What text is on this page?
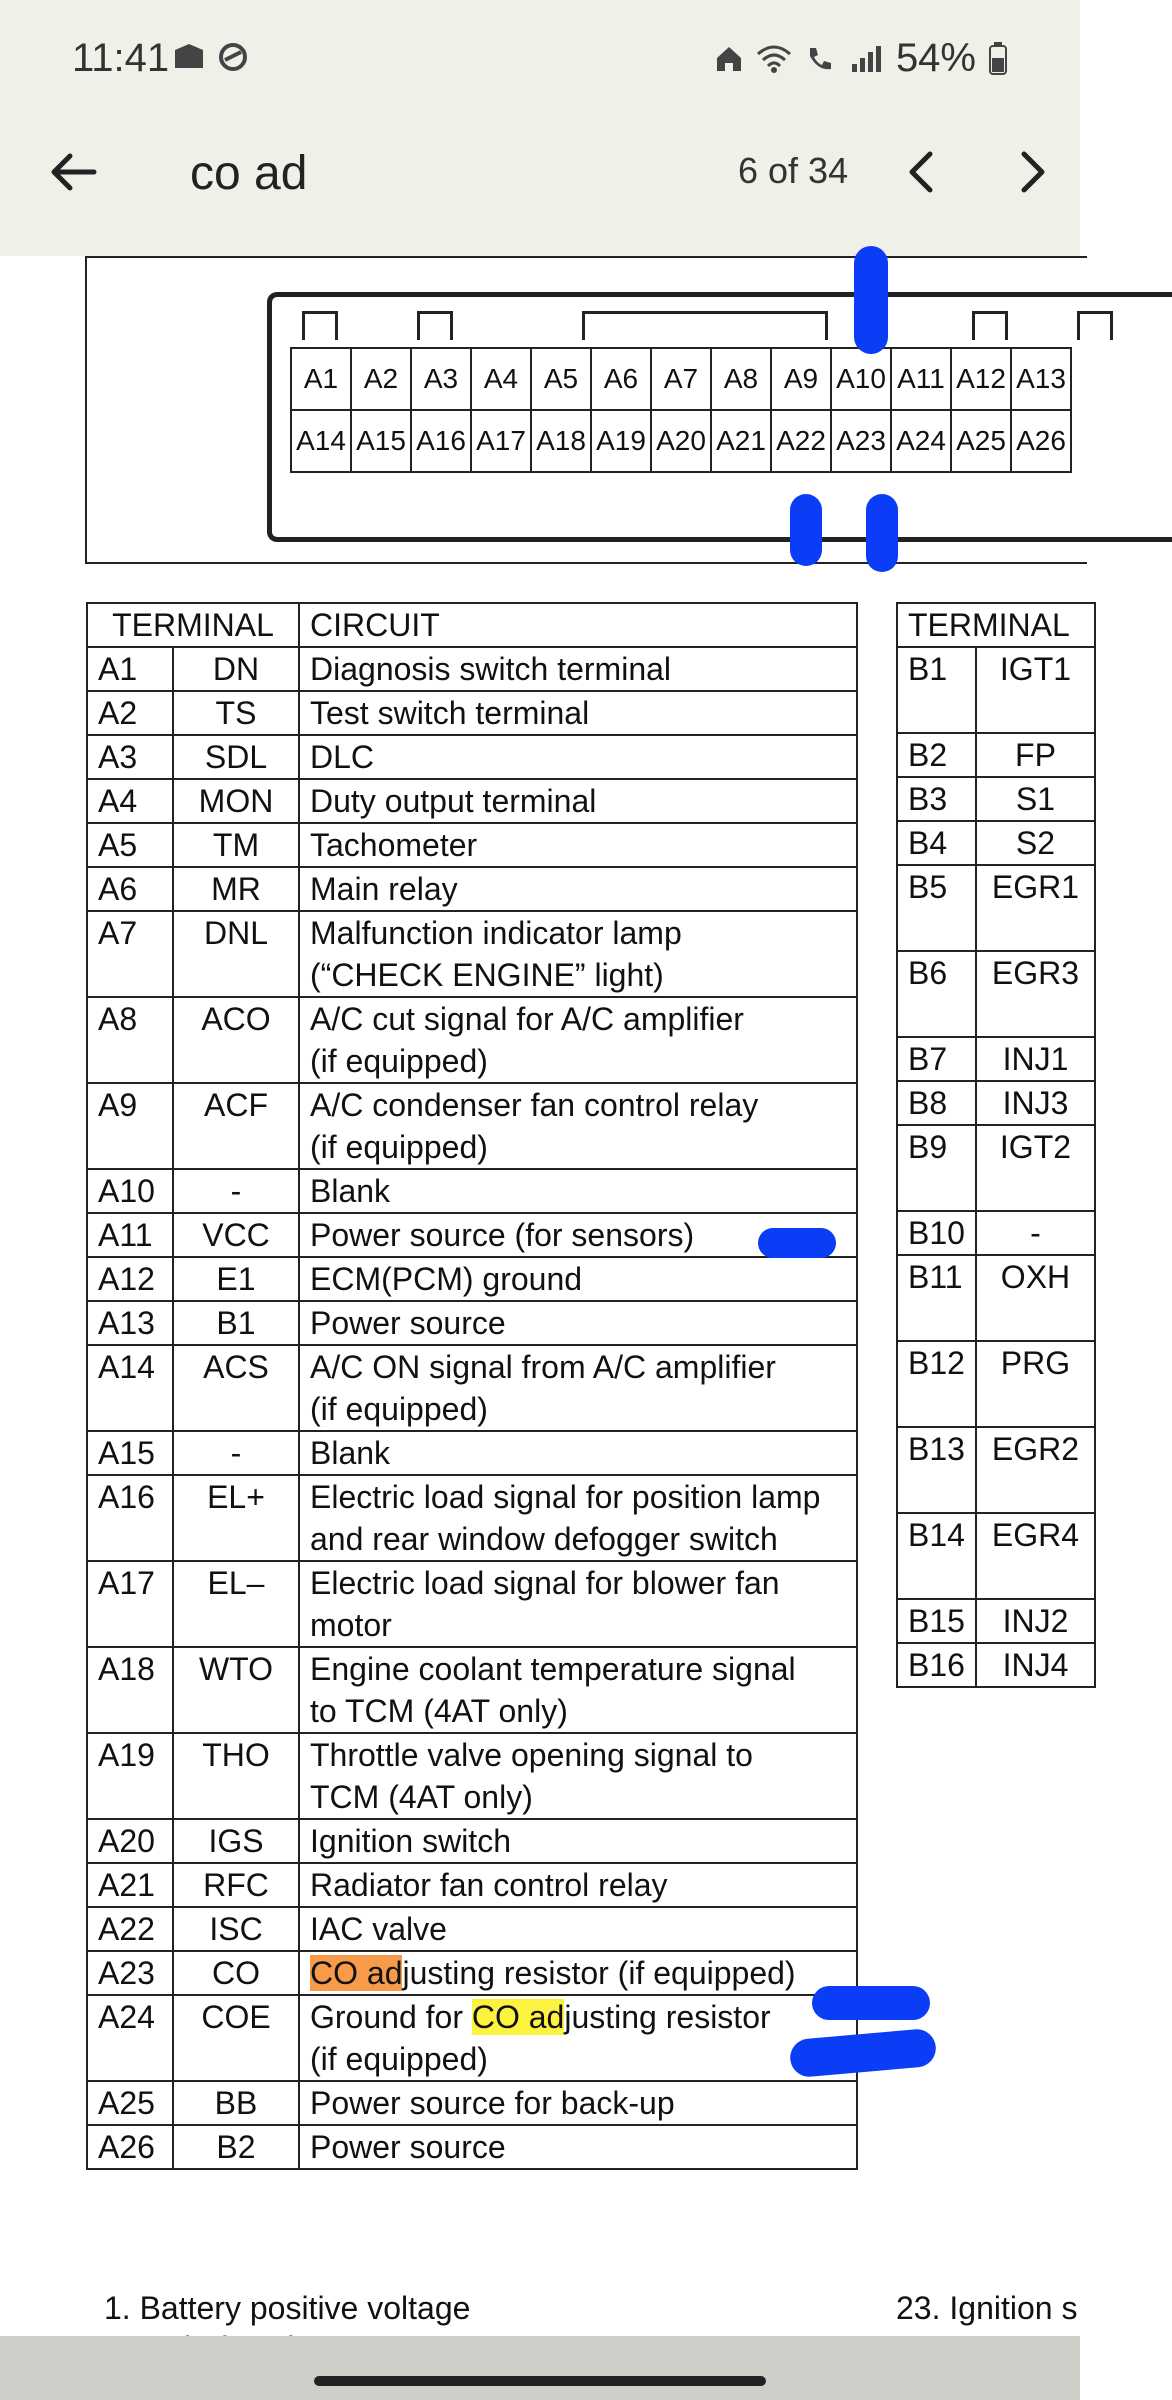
11:41	54%
co ad	6 of 34
A1 A2 A3 A4 A5 A6 A7 A8 A9 A10 A11 A12 A13
A14 A15 A16 A17 A18 A19 A20 A21 A22 A23 A24 A25 A26
TERMINAL		CIRCUIT
A1	DN	Diagnosis switch terminal

A2	TS	Test switch terminal

A3	SDL	DLC

A4	MON	Duty output terminal

A5	TM	Tachometer

A6	MR	Main relay

A7	DNL	Malfunction indicator lamp
(“CHECK ENGINE” light)

A8	ACO	A/C cut signal for A/C amplifier
(if equipped)

A9	ACF	A/C condenser fan control relay
(if equipped)

A10	-	Blank

A11	VCC	Power source (for sensors)

A12	E1	ECM(PCM) ground

A13	B1	Power source

A14	ACS	A/C ON signal from A/C amplifier
(if equipped)

A15	-	Blank

A16	EL+	Electric load signal for position lamp
and rear window defogger switch

A17	EL–	Electric load signal for blower fan
motor

A18	WTO	Engine coolant temperature signal
to TCM (4AT only)

A19	THO	Throttle valve opening signal to
TCM (4AT only)

A20	IGS	Ignition switch

A21	RFC	Radiator fan control relay

A22	ISC	IAC valve

A23	CO	CO adjusting resistor (if equipped)

A24	COE	Ground for CO adjusting resistor
(if equipped)

A25	BB	Power source for back-up

A26	B2	Power source
TERMINAL	
B1	IGT1
B2	FP
B3	S1
B4	S2
B5	EGR1
B6	EGR3
B7	INJ1
B8	INJ3
B9	IGT2
B10	-
B11	OXH
B12	PRG
B13	EGR2
B14	EGR4
B15	INJ2
B16	INJ4
1. Battery positive voltage	23. Ignition s
